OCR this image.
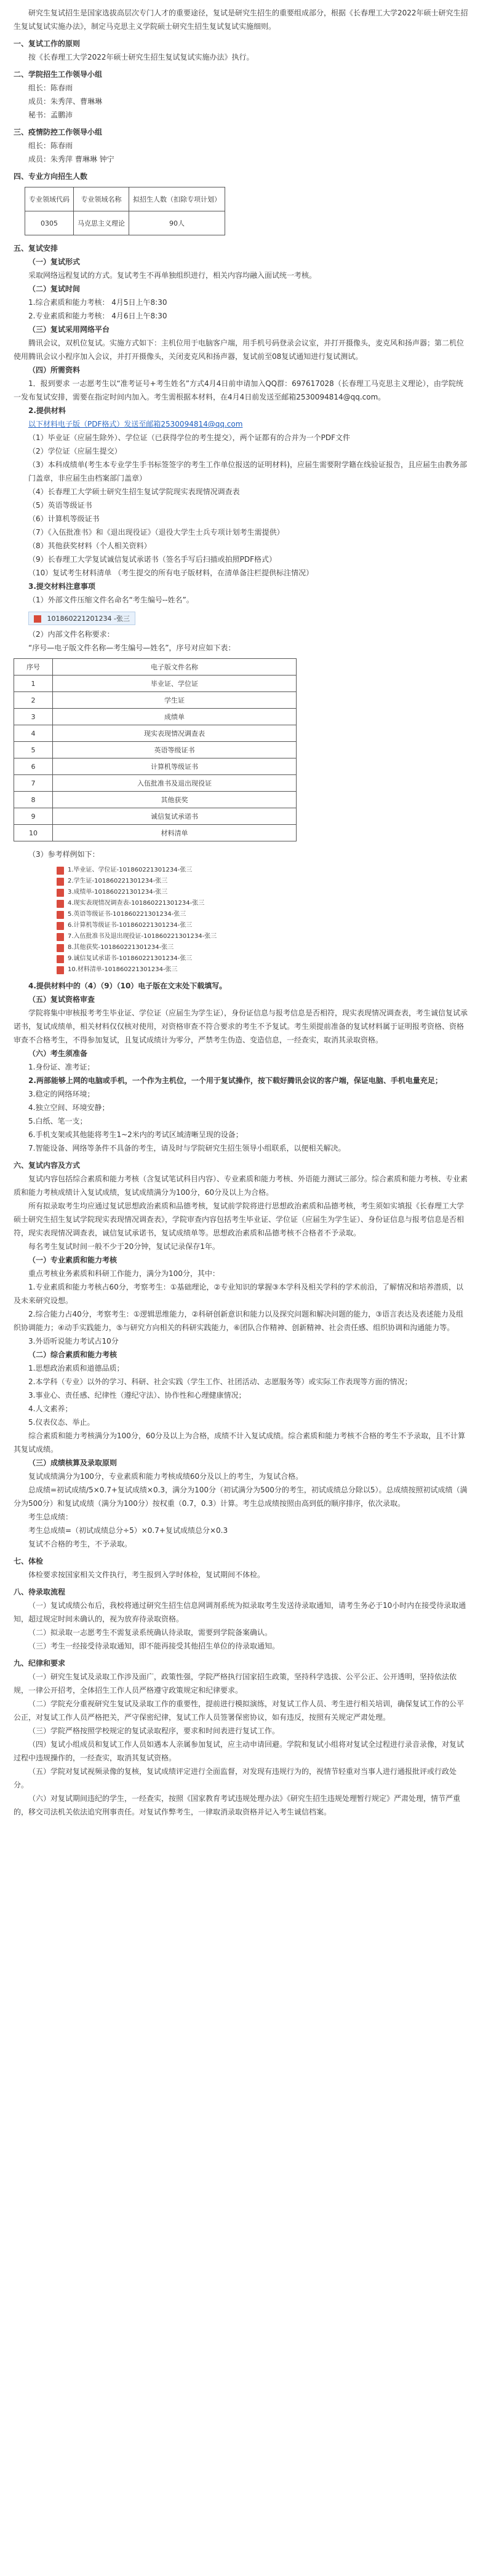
研究生复试招生是国家选拔高层次专门人才的重要途径，复试是研究生招生的重要组成部分，根据《长春理工大学2022年硕士研究生招生复试复试实施办法》，制定马克思主义学院硕士研究生招生复试复试实施细则。

一、复试工作的原则

按《长春理工大学2022年硕士研究生招生复试复试实施办法》执行。

二、学院招生工作领导小组

组长：陈春雨

成员：朱秀萍、曹琳琳

秘书：孟鹏沛

三、疫情防控工作领导小组

组长：陈春雨

成员：朱秀萍 曹琳琳 钟宁

四、专业方向招生人数

专业领域代码	专业领域名称	拟招生人数（扣除专项计划）
0305	马克思主义理论	90人

五、复试安排

（一）复试形式

采取网络远程复试的方式。复试考生不再单独组织进行，相关内容均融入面试统一考核。

（二）复试时间

1.综合素质和能力考核： 4月5日上午8:30

2.专业素质和能力考核： 4月6日上午8:30

（三）复试采用网络平台

腾讯会议，双机位复试。实施方式如下：主机位用于电脑客户端，用手机号码登录会议室，并打开摄像头，麦克风和扬声器；第二机位使用腾讯会议小程序加入会议，并打开摄像头，关闭麦克风和扬声器，复试前至08复试通知进行复试测试。

（四）所需资料

1．报到要求 一志愿考生以“准考证号+考生姓名”方式4月4日前申请加入QQ群：697617028（长春理工马克思主义理论），由学院统一发布复试安排，需要在指定时间内加入。考生需根据本材料，在4月4日前发送至邮箱2530094814@qq.com。

2.提供材料

以下材料电子版（PDF格式）发送至邮箱2530094814@qq.com

（1）毕业证（应届生除外）、学位证（已获得学位的考生提交），两个证都有的合并为一个PDF文件

（2）学位证（应届生提交）

（3）本科成绩单(考生本专业学生手书标签签字的考生工作单位报送的证明材料)，应届生需要附学籍在线验证报告，且应届生由教务部门盖章，非应届生由档案部门盖章）

（4）长春理工大学硕士研究生招生复试学院现实表现情况调查表

（5）英语等级证书

（6）计算机等级证书

（7）《入伍批准书》和《退出现役证》（退役大学生士兵专项计划考生需提供）

（8）其他获奖材料（个人相关资料）

（9）长春理工大学复试诚信复试承诺书（签名手写后扫描或拍照PDF格式）

（10）复试考生材料清单 （考生提交的所有电子版材料，在清单备注栏提供标注情况）

3.提交材料注意事项

（1）外部文件压缩文件名命名“考生编号--姓名”。

101860221201234 -张三

（2）内部文件名称要求：

“序号—电子版文件名称—考生编号—姓名”，序号对应如下表：

序号	电子版文件名称
1	毕业证、学位证
2	学生证
3	成绩单
4	现实表现情况调查表
5	英语等级证书
6	计算机等级证书
7	入伍批准书及退出现役证
8	其他获奖
9	诚信复试承诺书
10	材料清单

（3）参考样例如下：

1.毕业证、学位证-101860221301234-张三
2.学生证-101860221301234-张三
3.成绩单-101860221301234-张三
4.现实表现情况调查表-101860221301234-张三
5.英语等级证书-101860221301234-张三
6.计算机等级证书-101860221301234-张三
7.入伍批准书及退出现役证-101860221301234-张三
8.其他获奖-101860221301234-张三
9.诚信复试承诺书-101860221301234-张三
10.材料清单-101860221301234-张三

4.提供材料中的（4）（9）（10）电子版在文末处下载填写。

（五）复试资格审查

学院将集中审核报考考生毕业证、学位证（应届生为学生证），身份证信息与报考信息是否相符，现实表现情况调查表，考生诚信复试承诺书，复试成绩单，相关材料仅仅核对使用，对资格审查不符合要求的考生不予复试。考生须提前准备的复试材料属于证明报考资格、资格审查不合格考生，不得参加复试，且复试成绩计为零分，严禁考生伪造、变造信息，一经查实，取消其录取资格。

（六）考生须准备

1.身份证、准考证；

2.两部能够上网的电脑或手机，一个作为主机位，一个用于复试操作，按下载好腾讯会议的客户端，保证电脑、手机电量充足；

3.稳定的网络环境；

4.独立空间、环境安静；

5.白纸、笔一支；

6.手机支架或其他能将考生1~2米内的考试区域清晰呈现的设备；

7.智能设备、网络等条件不具备的考生，请及时与学院研究生招生领导小组联系，以便相关解决。

六、复试内容及方式

复试内容包括综合素质和能力考核（含复试笔试科目内容）、专业素质和能力考核、外语能力测试三部分。综合素质和能力考核、专业素质和能力考核成绩计入复试成绩，复试成绩满分为100分，60分及以上为合格。

所有拟录取考生均应通过复试思想政治素质和品德考核，复试前学院将进行思想政治素质和品德考核，考生须如实填报《长春理工大学硕士研究生招生复试学院现实表现情况调查表》，学院审查内容包括考生毕业证、学位证（应届生为学生证）、身份证信息与报考信息是否相符，现实表现情况调查表，诚信复试承诺书，复试成绩单等。思想政治素质和品德考核不合格者不予录取。

每名考生复试时间一般不少于20分钟，复试记录保存1年。

（一）专业素质和能力考核

重点考核业务素质和科研工作能力，满分为100分，其中：

1.专业素质和能力考核占60分，考察考生：①基础理论，②专业知识的掌握③本学科及相关学科的学术前沿，了解情况和培养潜质，以及未来研究设想。

2.综合能力占40分，考察考生：①逻辑思维能力，②科研创新意识和能力以及探究问题和解决问题的能力，③语言表达及表述能力及组织协调能力；④动手实践能力，⑤与研究方向相关的科研实践能力，⑥团队合作精神、创新精神、社会责任感、组织协调和沟通能力等。

3.外语听说能力考试占10分

（二）综合素质和能力考核

1.思想政治素质和道德品质；

2.本学科（专业）以外的学习、科研、社会实践（学生工作、社团活动、志愿服务等）或实际工作表现等方面的情况；

3.事业心、责任感、纪律性（遵纪守法）、协作性和心理健康情况；

4.人文素养；

5.仪表仪态、举止。

综合素质和能力考核满分为100分，60分及以上为合格，成绩不计入复试成绩。综合素质和能力考核不合格的考生不予录取，且不计算其复试成绩。

（三）成绩核算及录取原则

复试成绩满分为100分，专业素质和能力考核成绩60分及以上的考生，为复试合格。

总成绩=初试成绩/5×0.7+复试成绩×0.3，满分为100分（初试满分为500分的考生，初试成绩总分除以5）。总成绩按照初试成绩（满分为500分）和复试成绩（满分为100分）按权重（0.7，0.3）计算。考生总成绩按照由高到低的顺序排序，依次录取。

考生总成绩：

考生总成绩=（初试成绩总分÷5）×0.7+复试成绩总分×0.3

复试不合格的考生，不予录取。

七、体检

体检要求按国家相关文件执行，考生报到入学时体检，复试期间不体检。

八、待录取流程

（一）复试成绩公布后，我校将通过研究生招生信息网调剂系统为拟录取考生发送待录取通知，请考生务必于10小时内在接受待录取通知，超过规定时间未确认的，视为放弃待录取资格。

（二）拟录取一志愿考生不需复录系统确认待录取，需要到学院备案确认。

（三）考生一经接受待录取通知，即不能再接受其他招生单位的待录取通知。

九、纪律和要求

（一）研究生复试及录取工作涉及面广，政策性强，学院严格执行国家招生政策，坚持科学选拔、公平公正、公开透明，坚持依法依规，一律公开招考，全体招生工作人员严格遵守政策规定和纪律要求。

（二）学院充分重视研究生复试及录取工作的重要性，提前进行模拟演练，对复试工作人员、考生进行相关培训，确保复试工作的公平公正，对复试工作人员严格把关，严守保密纪律，复试工作人员签署保密协议，如有违反，按照有关规定严肃处理。

（三）学院严格按照学校规定的复试录取程序，要求和时间表进行复试工作。

（四）复试小组成员和复试工作人员如遇本人亲属参加复试，应主动申请回避。学院和复试小组将对复试全过程进行录音录像，对复试过程中违规操作的，一经查实，取消其复试资格。

（五）学院对复试视频录像的复核，复试成绩评定进行全面监督，对发现有违规行为的，视情节轻重对当事人进行通报批评或行政处分。

（六）对复试期间违纪的学生，一经查实，按照《国家教育考试违规处理办法》《研究生招生违规处理暂行规定》严肃处理，情节严重的，移交司法机关依法追究刑事责任。对复试作弊考生，一律取消录取资格并记入考生诚信档案。
